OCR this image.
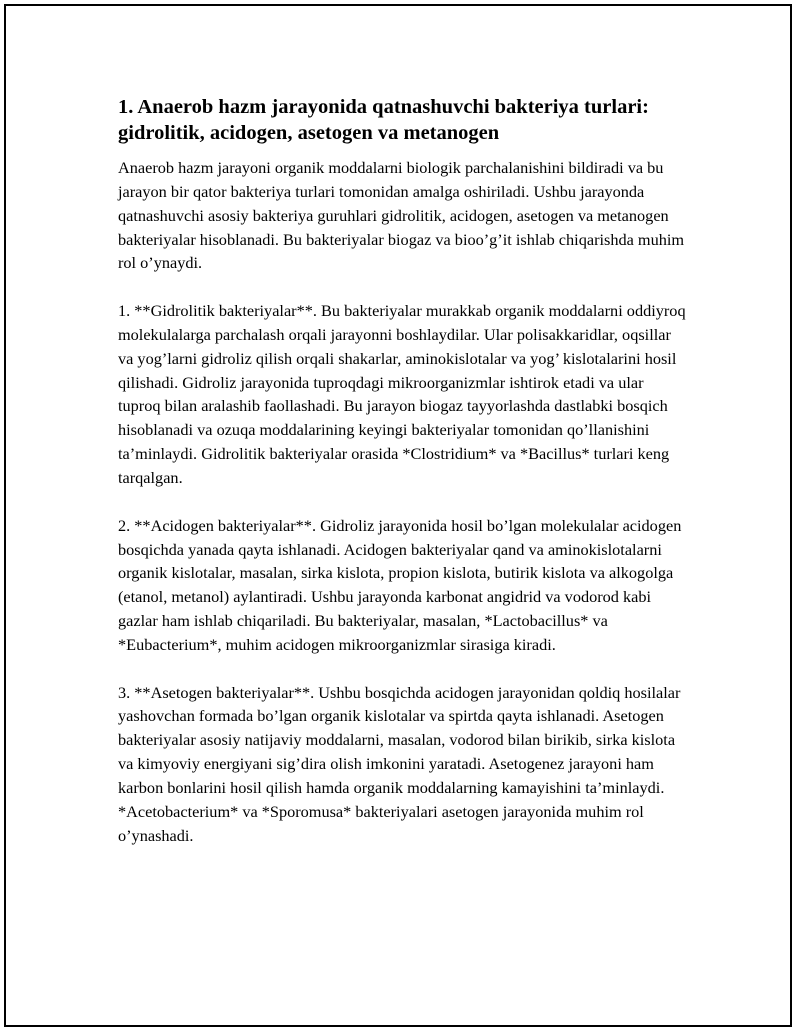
1. Anaerob hazm jarayonida qatnashuvchi bakteriya turlari: gidrolitik, acidogen, asetogen va metanogen

Anaerob hazm jarayoni organik moddalarni biologik parchalanishini bildiradi va bu jarayon bir qator bakteriya turlari tomonidan amalga oshiriladi. Ushbu jarayonda qatnashuvchi asosiy bakteriya guruhlari gidrolitik, acidogen, asetogen va metanogen bakteriyalar hisoblanadi. Bu bakteriyalar biogaz va bioo’g’it ishlab chiqarishda muhim rol o’ynaydi.

1. **Gidrolitik bakteriyalar**. Bu bakteriyalar murakkab organik moddalarni oddiyroq molekulalarga parchalash orqali jarayonni boshlaydilar. Ular polisakkaridlar, oqsillar va yog’larni gidroliz qilish orqali shakarlar, aminokislotalar va yog’ kislotalarini hosil qilishadi. Gidroliz jarayonida tuproqdagi mikroorganizmlar ishtirok etadi va ular tuproq bilan aralashib faollashadi. Bu jarayon biogaz tayyorlashda dastlabki bosqich hisoblanadi va ozuqa moddalarining keyingi bakteriyalar tomonidan qo’llanishini ta’minlaydi. Gidrolitik bakteriyalar orasida *Clostridium* va *Bacillus* turlari keng tarqalgan.

2. **Acidogen bakteriyalar**. Gidroliz jarayonida hosil bo’lgan molekulalar acidogen bosqichda yanada qayta ishlanadi. Acidogen bakteriyalar qand va aminokislotalarni organik kislotalar, masalan, sirka kislota, propion kislota, butirik kislota va alkogolga (etanol, metanol) aylantiradi. Ushbu jarayonda karbonat angidrid va vodorod kabi gazlar ham ishlab chiqariladi. Bu bakteriyalar, masalan, *Lactobacillus* va *Eubacterium*, muhim acidogen mikroorganizmlar sirasiga kiradi.

3. **Asetogen bakteriyalar**. Ushbu bosqichda acidogen jarayonidan qoldiq hosilalar yashovchan formada bo’lgan organik kislotalar va spirtda qayta ishlanadi. Asetogen bakteriyalar asosiy natijaviy moddalarni, masalan, vodorod bilan birikib, sirka kislota va kimyoviy energiyani sig’dira olish imkonini yaratadi. Asetogenez jarayoni ham karbon bonlarini hosil qilish hamda organik moddalarning kamayishini ta’minlaydi. *Acetobacterium* va *Sporomusa* bakteriyalari asetogen jarayonida muhim rol o’ynashadi.
